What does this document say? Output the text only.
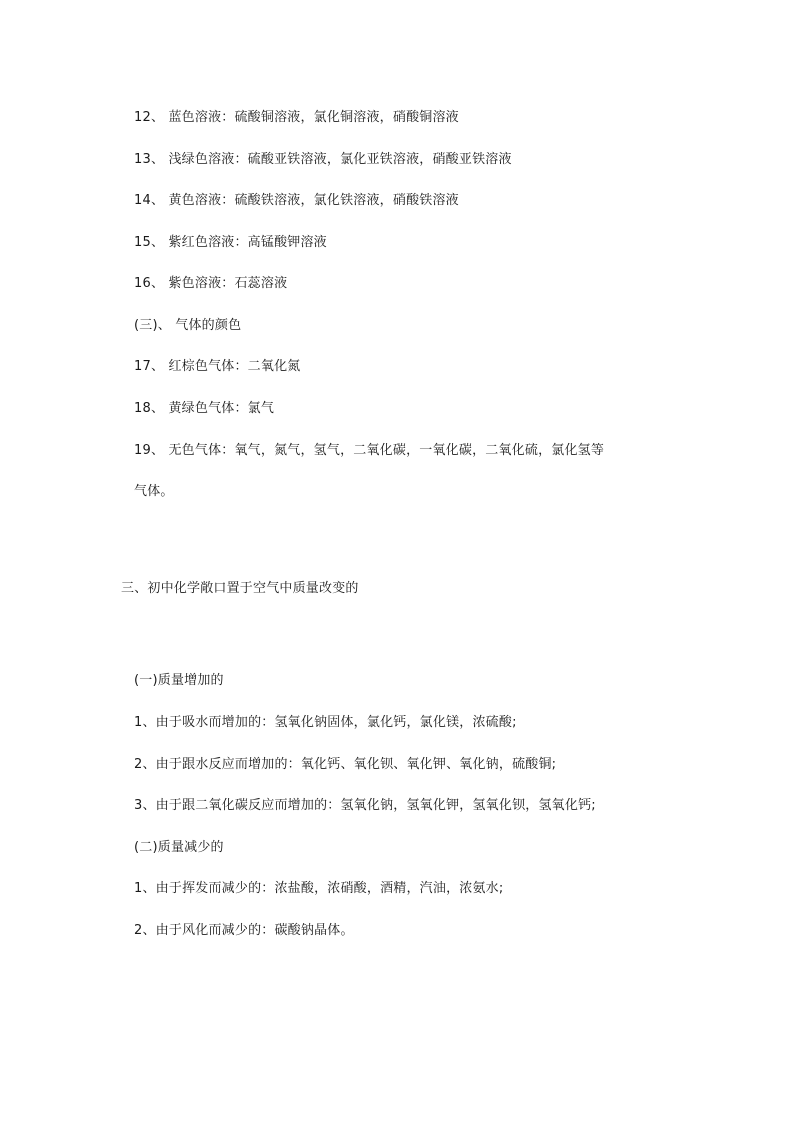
12、 蓝色溶液：硫酸铜溶液，氯化铜溶液，硝酸铜溶液
13、 浅绿色溶液：硫酸亚铁溶液，氯化亚铁溶液，硝酸亚铁溶液
14、 黄色溶液：硫酸铁溶液，氯化铁溶液，硝酸铁溶液
15、 紫红色溶液：高锰酸钾溶液
16、 紫色溶液：石蕊溶液
(三)、 气体的颜色
17、 红棕色气体：二氧化氮
18、 黄绿色气体：氯气
19、 无色气体：氧气，氮气，氢气，二氧化碳，一氧化碳，二氧化硫，氯化氢等
气体。
三、初中化学敞口置于空气中质量改变的
(一)质量增加的
1、由于吸水而增加的：氢氧化钠固体，氯化钙，氯化镁，浓硫酸;
2、由于跟水反应而增加的：氧化钙、氧化钡、氧化钾、氧化钠，硫酸铜;
3、由于跟二氧化碳反应而增加的：氢氧化钠，氢氧化钾，氢氧化钡，氢氧化钙;
(二)质量减少的
1、由于挥发而减少的：浓盐酸，浓硝酸，酒精，汽油，浓氨水;
2、由于风化而减少的：碳酸钠晶体。
